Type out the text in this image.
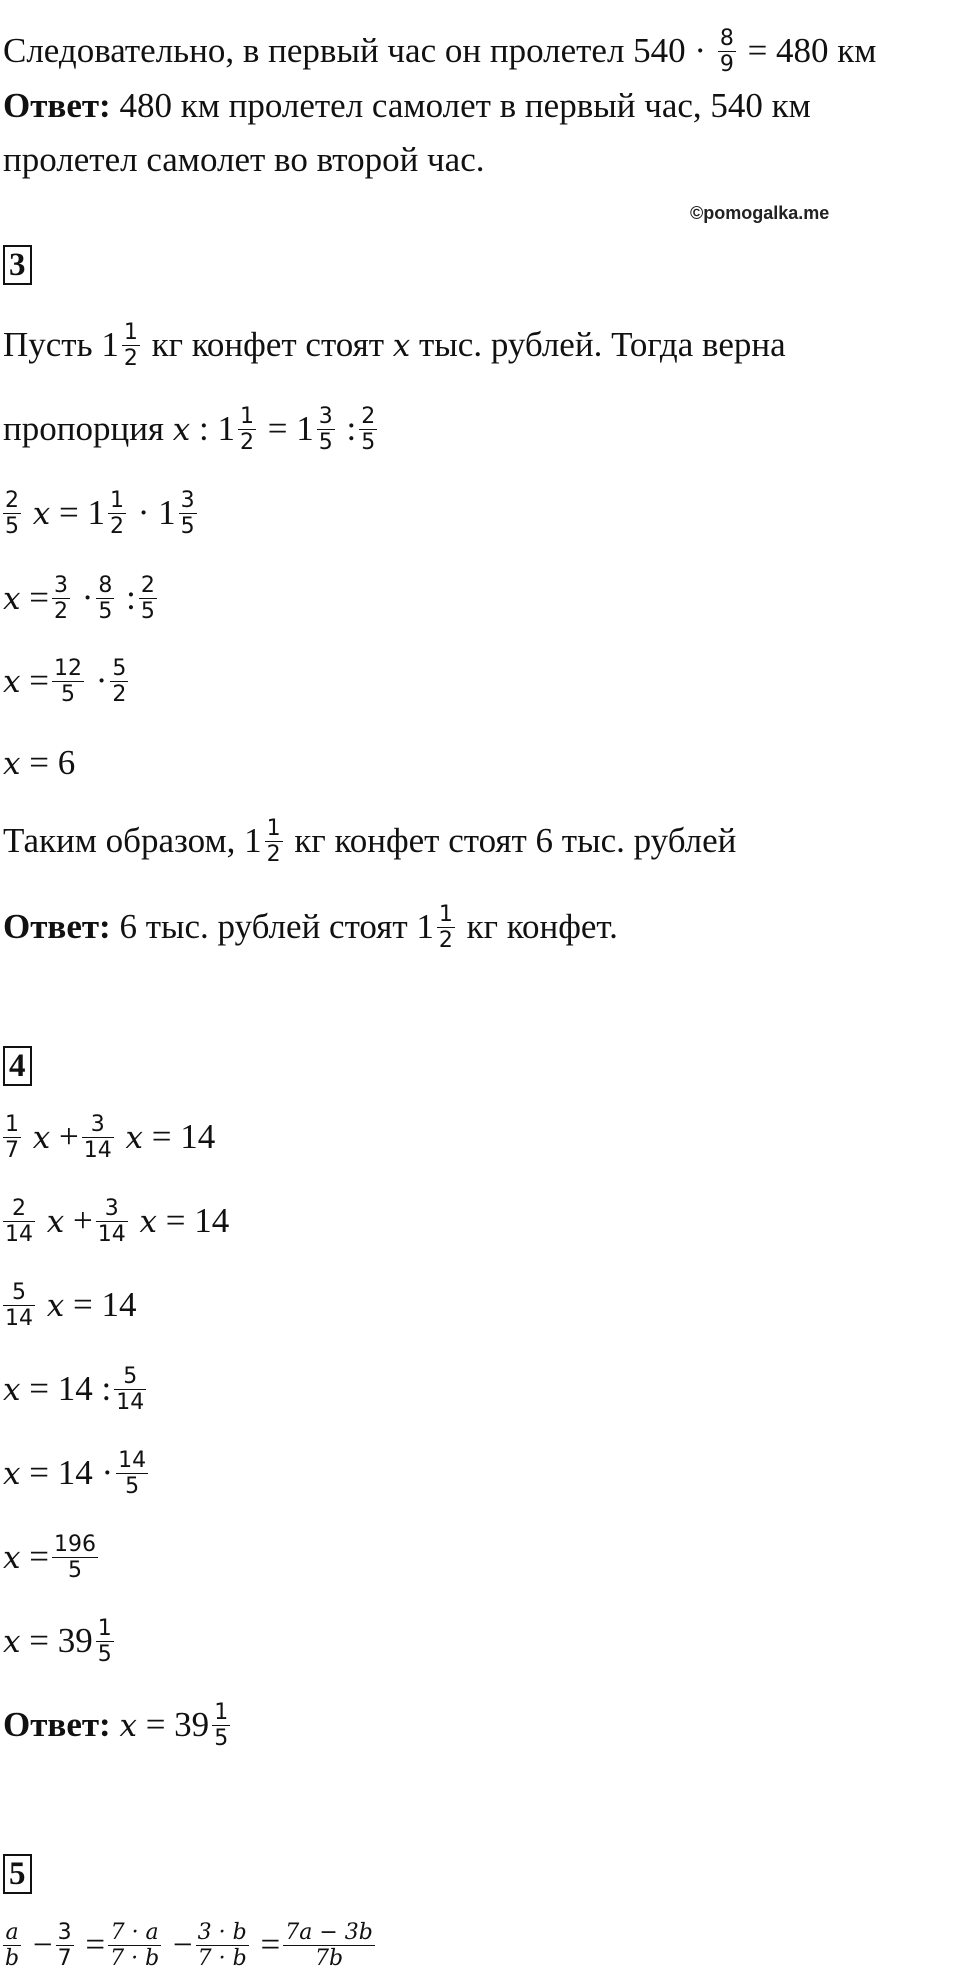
Следовательно, в первый час он пролетел $540 \cdot \frac{8}{9} = 480$ км
Ответ: 480 км пролетел самолет в первый час, 540 км
пролетел самолет во второй час.
©pomogalka.me
3
Пусть $1 \frac{1}{2}$ кг конфет стоят x тыс. рублей. Тогда верна
пропорция x : $1 \frac{1}{2} = 1 \frac{3}{5}$ : $\frac{2}{5}$
$\frac{2}{5}$ $x = 1 \frac{1}{2} \cdot 1 \frac{3}{5}$
$x = \frac{3}{2} \cdot \frac{8}{5}$ : $\frac{2}{5}$
$x = \frac{12}{5} \cdot \frac{5}{2}$
x = 6
Таким образом, $1 \frac{1}{2}$ кг конфет стоят 6 тыс. рублей
Ответ: 6 тыс. рублей стоят $1 \frac{1}{2}$ кг конфет.
4
$\frac{1}{7}$ $x + \frac{3}{14}$ x = 14
$\frac{2}{14}$ $x + \frac{3}{14}$ x = 14
$\frac{5}{14}$ x = 14
x = 14 : $\frac{5}{14}$
$x = 14 \cdot \frac{14}{5}$
$x = \frac{196}{5}$
$x = 39 \frac{1}{5}$
Ответ: $x = 39 \frac{1}{5}$
5
$\frac{a}{b} - \frac{3}{7} = \frac{7 \cdot a}{7 \cdot b} - \frac{3 \cdot b}{7 \cdot b} = \frac{7a - 3b}{7b}$
